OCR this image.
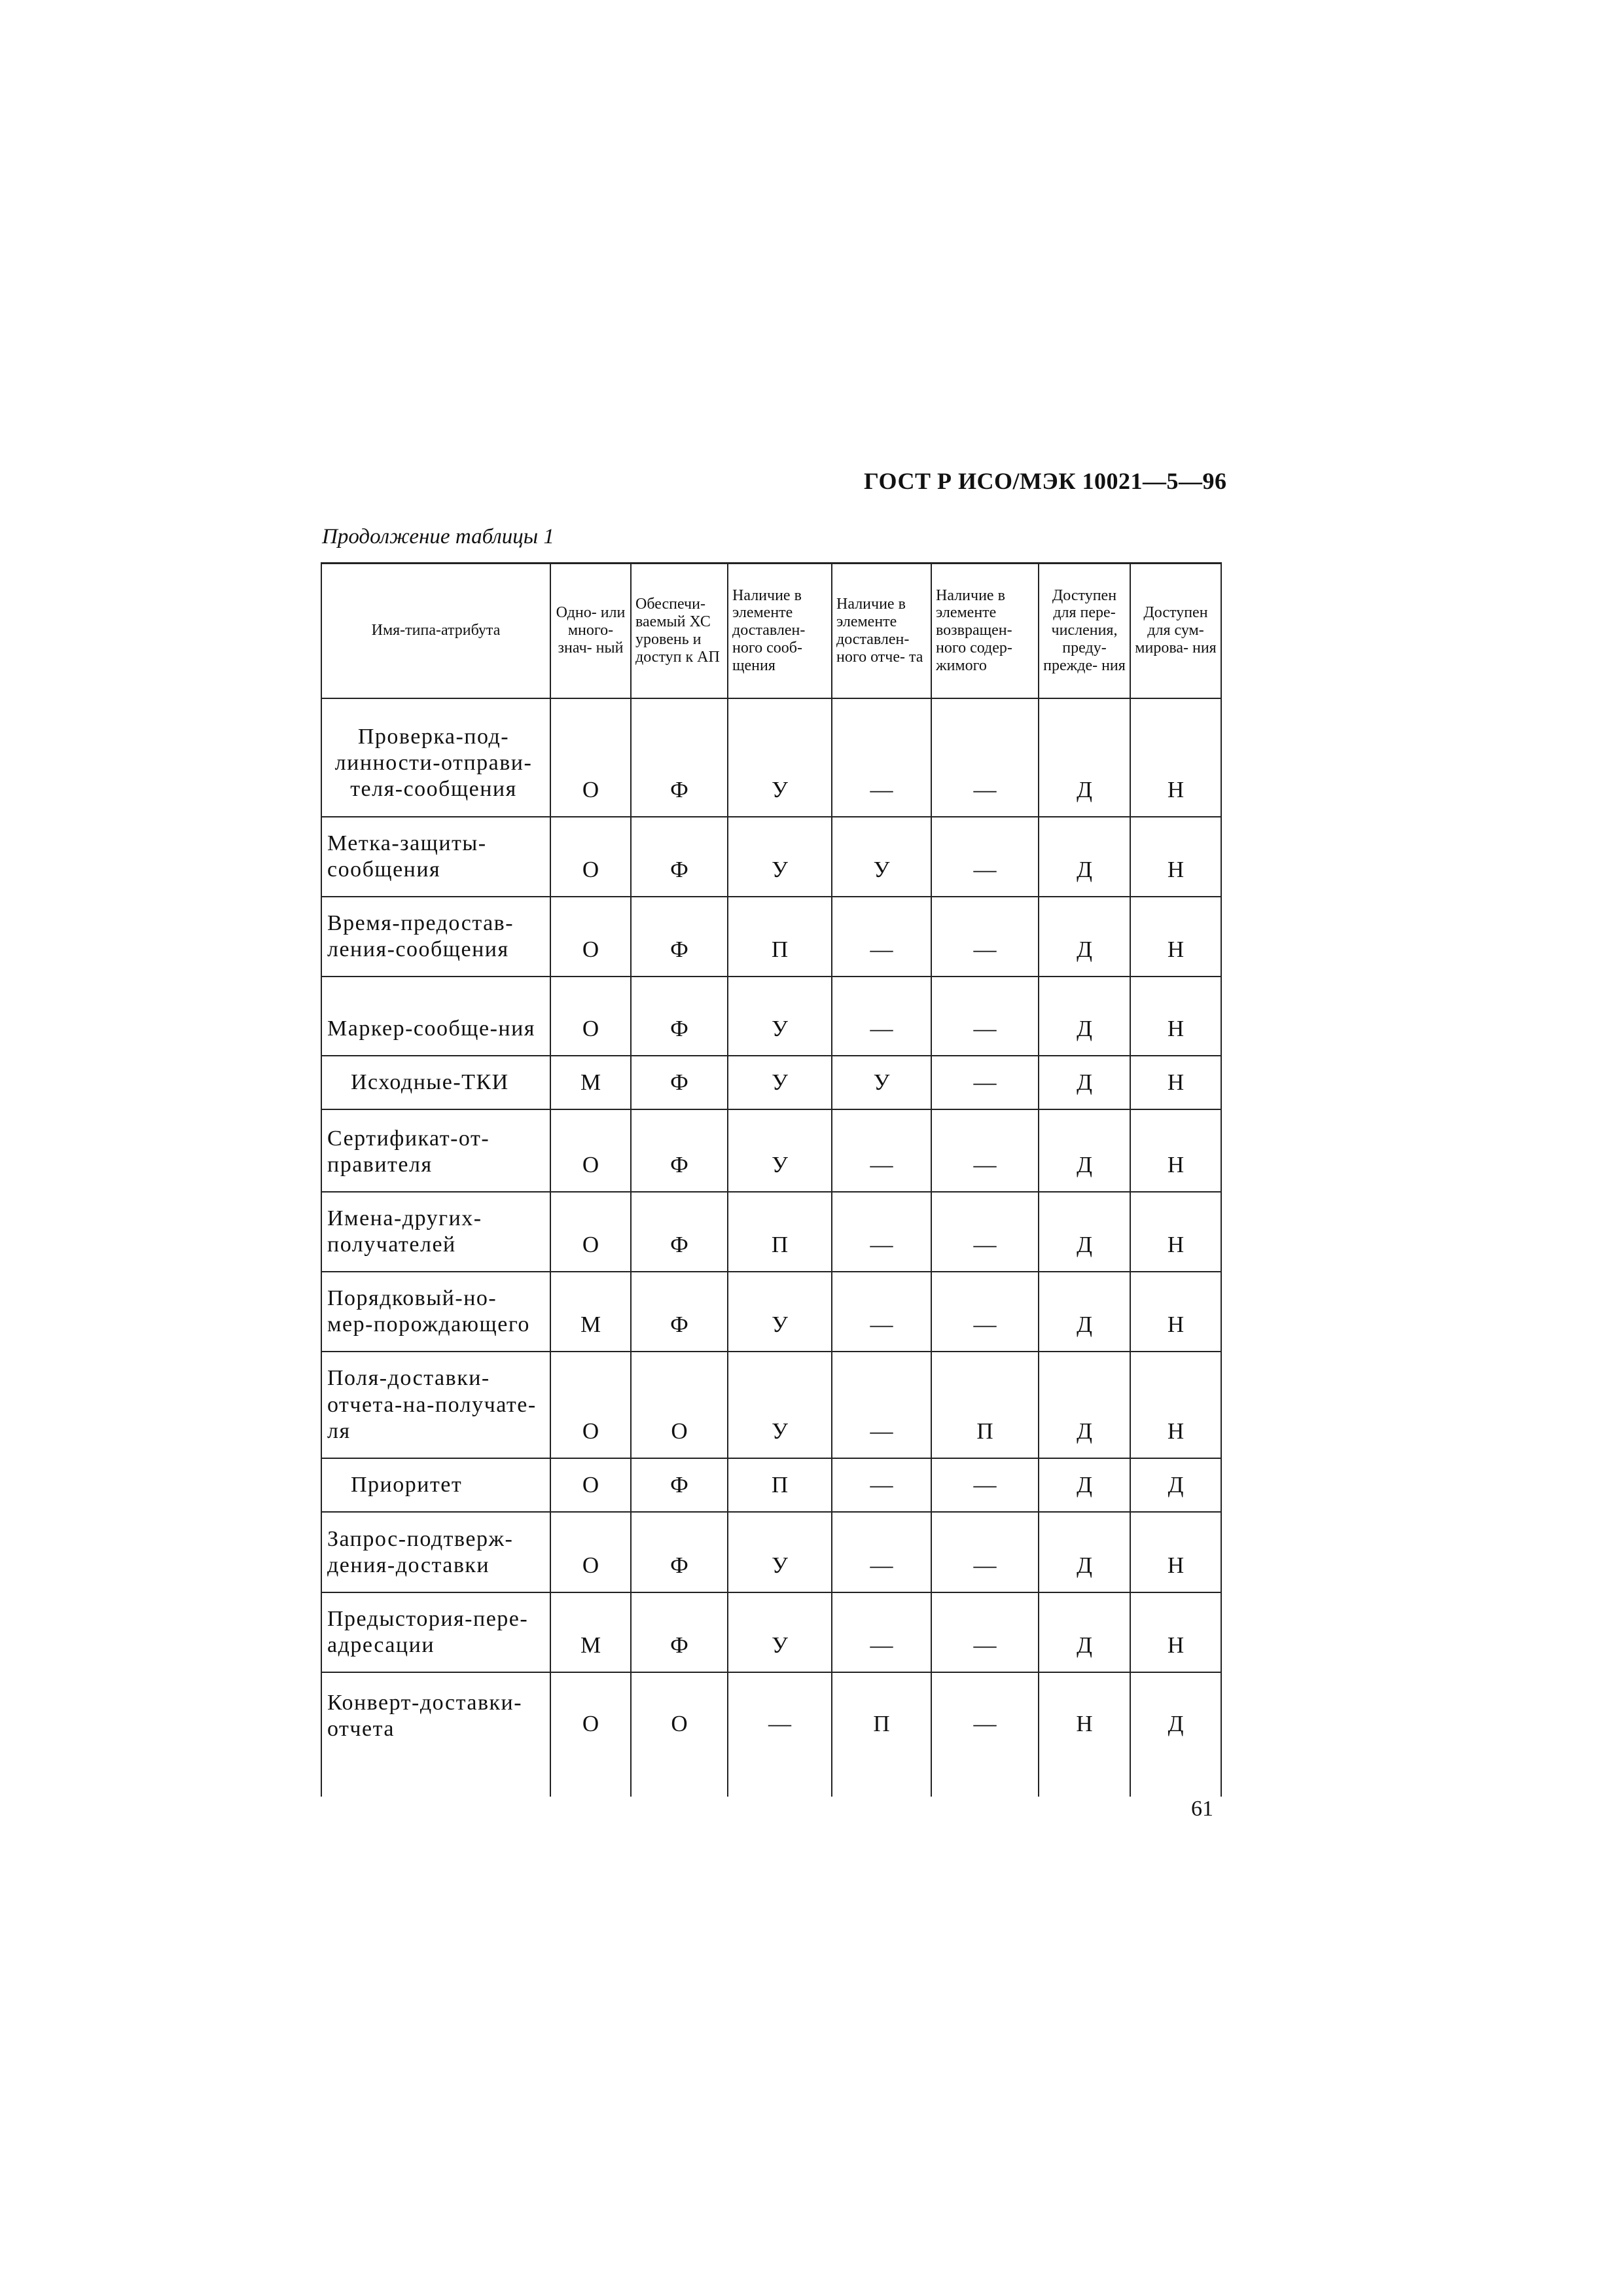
ГОСТ Р ИСО/МЭК 10021—5—96
Продолжение таблицы 1
Имя-типа-атрибута	Одно- или много- знач- ный	Обеспечи- ваемый ХС уровень и доступ к АП	Наличие в элементе доставлен- ного сооб- щения	Наличие в элементе доставлен- ного отче- та	Наличие в элементе возвращен- ного содер- жимого	Доступен для пере- числения, преду- прежде- ния	Доступен для сум- мирова- ния
Проверка-под-линности-отправи-теля-сообщения	О	Ф	У	—	—	Д	Н
Метка-защиты-сообщения	О	Ф	У	У	—	Д	Н
Время-предостав-ления-сообщения	О	Ф	П	—	—	Д	Н
Маркер-сообще-ния	О	Ф	У	—	—	Д	Н
Исходные-ТКИ	М	Ф	У	У	—	Д	Н
Сертификат-от-правителя	О	Ф	У	—	—	Д	Н
Имена-других-получателей	О	Ф	П	—	—	Д	Н
Порядковый-но-мер-порождающего	М	Ф	У	—	—	Д	Н
Поля-доставки-отчета-на-получате-ля	О	О	У	—	П	Д	Н
Приоритет	О	Ф	П	—	—	Д	Д
Запрос-подтверж-дения-доставки	О	Ф	У	—	—	Д	Н
Предыстория-пере-адресации	М	Ф	У	—	—	Д	Н
Конверт-доставки-отчета	О	О	—	П	—	Н	Д
61
